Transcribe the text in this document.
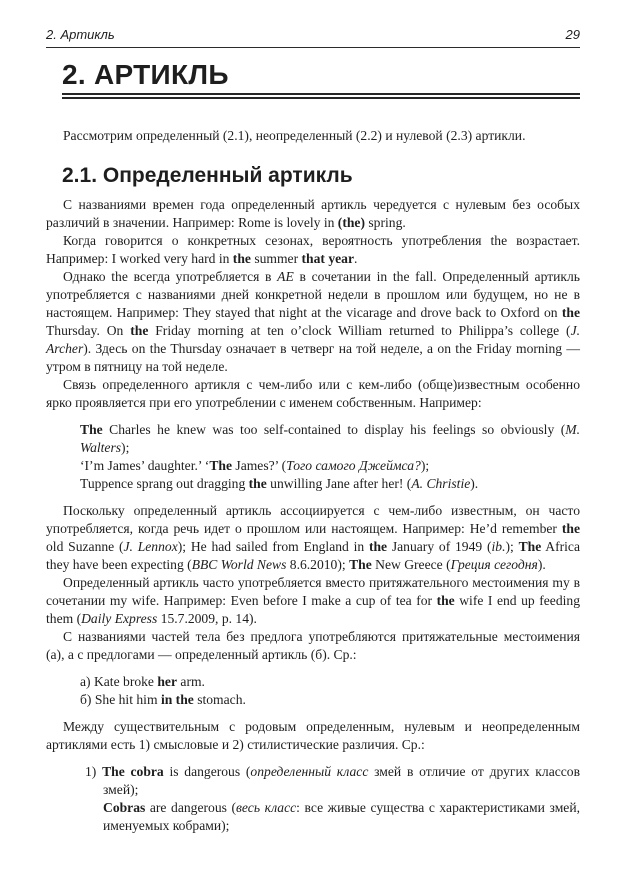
2. Артикль	29
2. АРТИКЛЬ

Рассмотрим определенный (2.1), неопределенный (2.2) и нулевой (2.3) артикли.

2.1. Определенный артикль

С названиями времен года определенный артикль чередуется с нулевым без особых различий в значении. Например: Rome is lovely in (the) spring.

Когда говорится о конкретных сезонах, вероятность употребления the возрастает. Например: I worked very hard in the summer that year.

Однако the всегда употребляется в AE в сочетании in the fall. Определенный артикль употребляется с названиями дней конкретной недели в прошлом или будущем, но не в настоящем. Например: They stayed that night at the vicarage and drove back to Oxford on the Thursday. On the Friday morning at ten o’clock William returned to Philippa’s college (J. Archer). Здесь on the Thursday означает в четверг на той неделе, а on the Friday morning — утром в пятницу на той неделе.

Связь определенного артикля с чем-либо или с кем-либо (обще)известным особенно ярко проявляется при его употреблении с именем собственным. Например:

The Charles he knew was too self-contained to display his feelings so obviously (M. Walters);

‘I’m James’ daughter.’ ‘The James?’ (Того самого Джеймса?);

Tuppence sprang out dragging the unwilling Jane after her! (A. Christie).

Поскольку определенный артикль ассоциируется с чем-либо известным, он часто употребляется, когда речь идет о прошлом или настоящем. Например: He’d remember the old Suzanne (J. Lennox); He had sailed from England in the January of 1949 (ib.); The Africa they have been expecting (BBC World News 8.6.2010); The New Greece (Греция сегодня).

Определенный артикль часто употребляется вместо притяжательного местоимения my в сочетании my wife. Например: Even before I make a cup of tea for the wife I end up feeding them (Daily Express 15.7.2009, p. 14).

С названиями частей тела без предлога употребляются притяжательные местоимения (а), а с предлогами — определенный артикль (б). Ср.:

а) Kate broke her arm.

б) She hit him in the stomach.

Между существительным с родовым определенным, нулевым и неопределенным артиклями есть 1) смысловые и 2) стилистические различия. Ср.:

1) The cobra is dangerous (определенный класс змей в отличие от других классов змей);

Cobras are dangerous (весь класс: все живые существа с характеристиками змей, именуемых кобрами);
